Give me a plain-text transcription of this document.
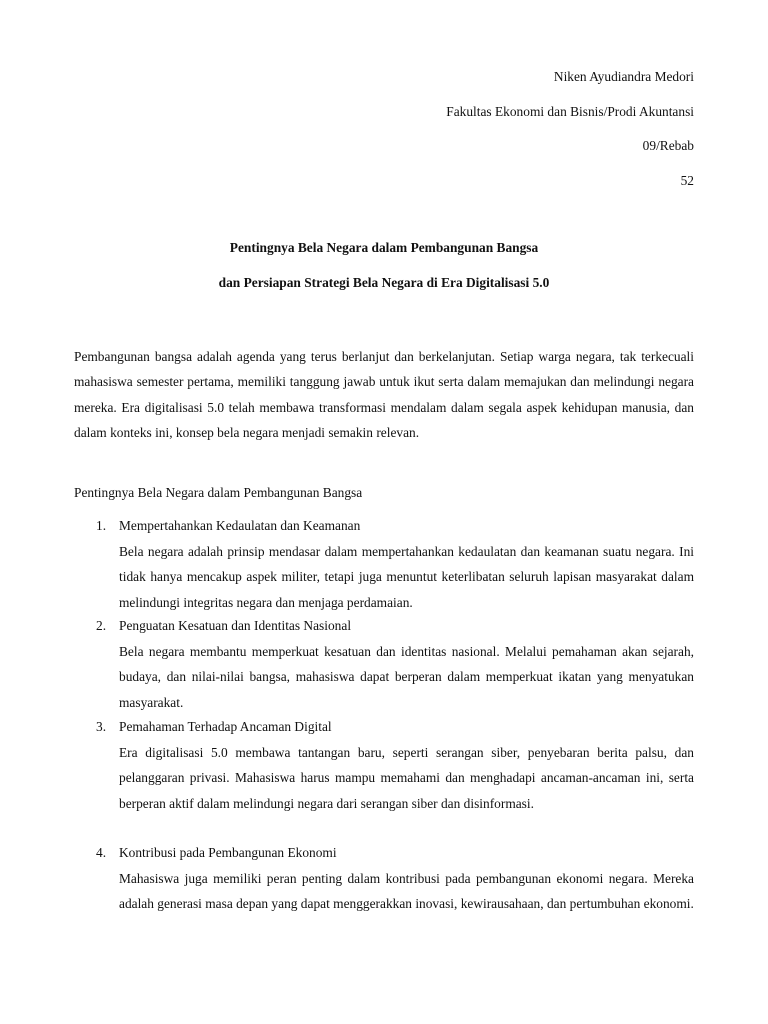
Niken Ayudiandra Medori

Fakultas Ekonomi dan Bisnis/Prodi Akuntansi

09/Rebab

52

Pentingnya Bela Negara dalam Pembangunan Bangsa

dan Persiapan Strategi Bela Negara di Era Digitalisasi 5.0

Pembangunan bangsa adalah agenda yang terus berlanjut dan berkelanjutan. Setiap warga negara, tak terkecuali mahasiswa semester pertama, memiliki tanggung jawab untuk ikut serta dalam memajukan dan melindungi negara mereka. Era digitalisasi 5.0 telah membawa transformasi mendalam dalam segala aspek kehidupan manusia, dan dalam konteks ini, konsep bela negara menjadi semakin relevan.

Pentingnya Bela Negara dalam Pembangunan Bangsa

1. Mempertahankan Kedaulatan dan Keamanan

Bela negara adalah prinsip mendasar dalam mempertahankan kedaulatan dan keamanan suatu negara. Ini tidak hanya mencakup aspek militer, tetapi juga menuntut keterlibatan seluruh lapisan masyarakat dalam melindungi integritas negara dan menjaga perdamaian.

2. Penguatan Kesatuan dan Identitas Nasional

Bela negara membantu memperkuat kesatuan dan identitas nasional. Melalui pemahaman akan sejarah, budaya, dan nilai-nilai bangsa, mahasiswa dapat berperan dalam memperkuat ikatan yang menyatukan masyarakat.

3. Pemahaman Terhadap Ancaman Digital

Era digitalisasi 5.0 membawa tantangan baru, seperti serangan siber, penyebaran berita palsu, dan pelanggaran privasi. Mahasiswa harus mampu memahami dan menghadapi ancaman-ancaman ini, serta berperan aktif dalam melindungi negara dari serangan siber dan disinformasi.

4. Kontribusi pada Pembangunan Ekonomi

Mahasiswa juga memiliki peran penting dalam kontribusi pada pembangunan ekonomi negara. Mereka adalah generasi masa depan yang dapat menggerakkan inovasi, kewirausahaan, dan pertumbuhan ekonomi.
